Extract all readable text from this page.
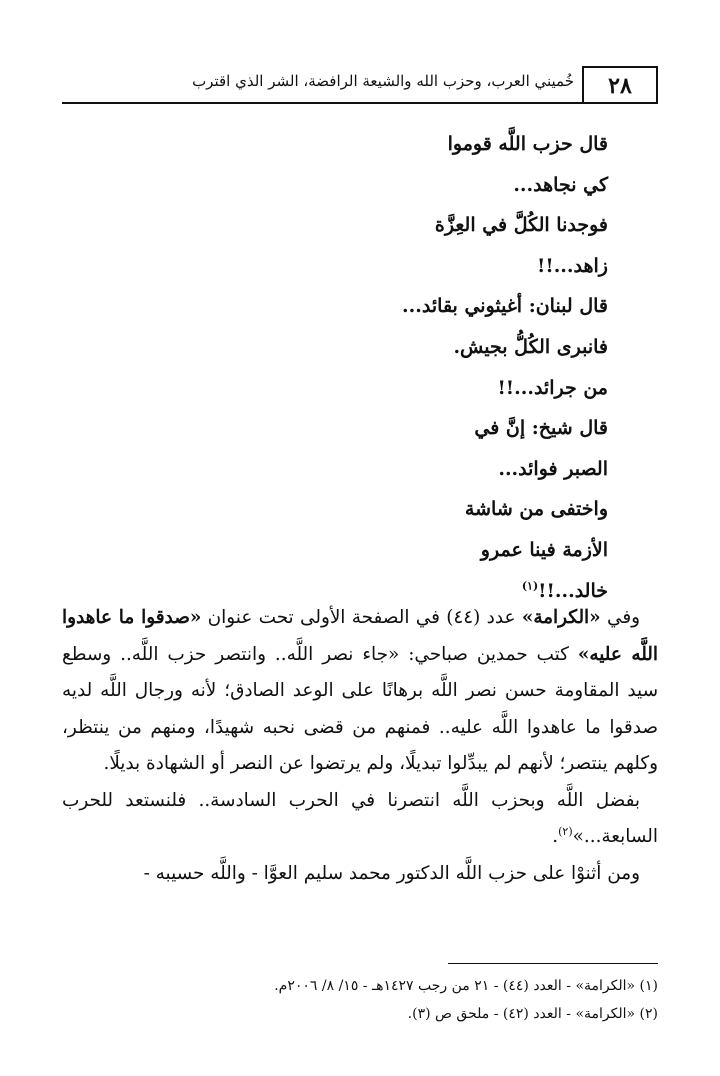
٢٨
خُميني العرب، وحزب الله والشيعة الرافضة، الشر الذي اقترب
قال حزب اللَّه قوموا
كي نجاهد...
فوجدنا الكُلَّ في العِزَّة
زاهد...!!
قال لبنان: أغيثوني بقائد...
فانبرى الكُلُّ بجيش.
من جرائد...!!
قال شيخ: إنَّ في
الصبر فوائد...
واختفى من شاشة
الأزمة فينا عمرو
خالد...!!$^{(١)}$

وفي «الكرامة» عدد (٤٤) في الصفحة الأولى تحت عنوان «صدقوا ما عاهدوا اللَّه عليه» كتب حمدين صباحي: «جاء نصر اللَّه.. وانتصر حزب اللَّه.. وسطع سيد المقاومة حسن نصر اللَّه برهانًا على الوعد الصادق؛ لأنه ورجال اللَّه لديه صدقوا ما عاهدوا اللَّه عليه.. فمنهم من قضى نحبه شهيدًا، ومنهم من ينتظر، وكلهم ينتصر؛ لأنهم لم يبدِّلوا تبديلًا، ولم يرتضوا عن النصر أو الشهادة بديلًا.

بفضل اللَّه وبحزب اللَّه انتصرنا في الحرب السادسة.. فلنستعد للحرب السابعة...»$^{(٢)}$.

ومن أثنوْا على حزب اللَّه الدكتور محمد سليم العوَّا - واللَّه حسيبه -

(١) «الكرامة» - العدد (٤٤) - ٢١ من رجب ١٤٢٧هـ - ١٥/ ٨/ ٢٠٠٦م.
(٢) «الكرامة» - العدد (٤٢) - ملحق ص (٣).
